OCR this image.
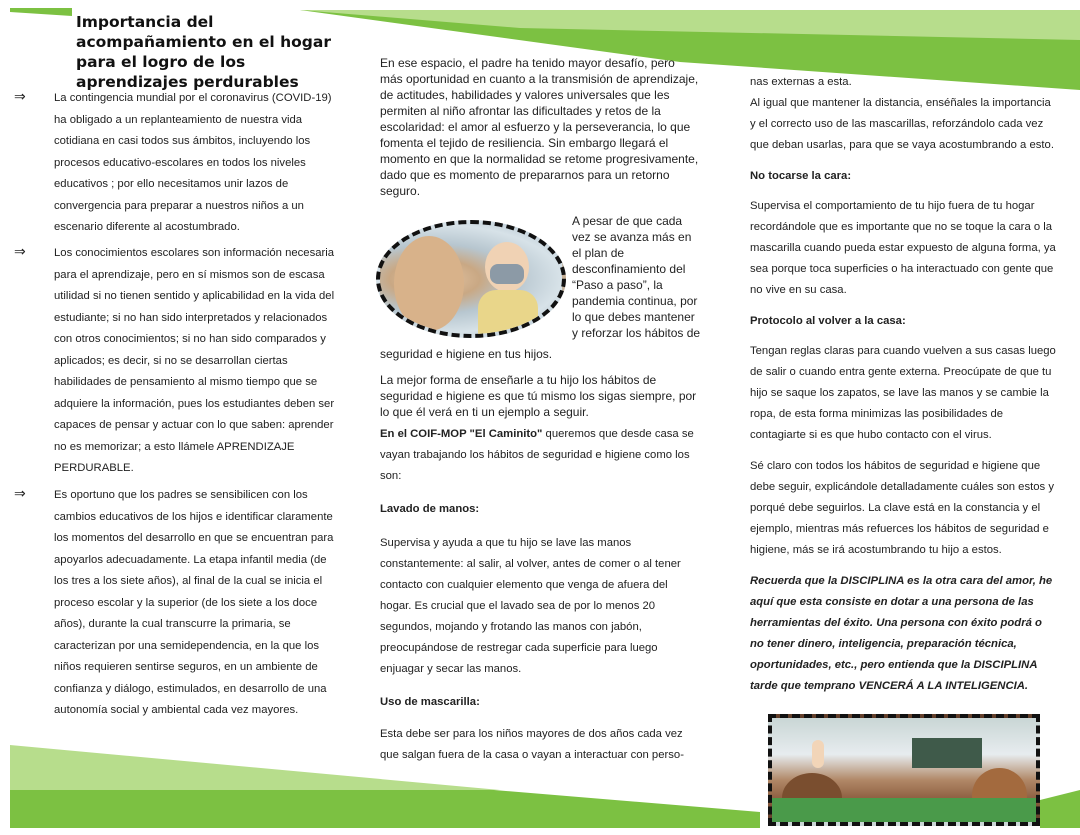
Importancia del acompañamiento en el hogar para el logro de los aprendizajes perdurables
⇒	La contingencia mundial por el coronavirus (COVID-19) ha obligado a un replanteamiento de nuestra vida cotidiana en casi todos sus ámbitos, incluyendo los procesos educativo-escolares en todos los niveles educativos ; por ello necesitamos unir lazos de convergencia para preparar a nuestros niños a un escenario diferente al acostumbrado.

⇒	Los conocimientos escolares son información necesaria para el aprendizaje, pero en sí mismos son de escasa utilidad si no tienen sentido y aplicabilidad en la vida del estudiante; si no han sido interpretados y relacionados con otros conocimientos; si no han sido comparados y aplicados; es decir, si no se desarrollan ciertas habilidades de pensamiento al mismo tiempo que se adquiere la información, pues los estudiantes deben ser capaces de pensar y actuar con lo que saben: aprender no es memorizar; a esto llámele APRENDIZAJE PERDURABLE.

⇒	Es oportuno que los padres se sensibilicen con los cambios educativos de los hijos e identificar claramente los momentos del desarrollo en que se encuentran para apoyarlos adecuadamente. La etapa infantil media (de los tres a los siete años), al final de la cual se inicia el proceso escolar y la superior (de los siete a los doce años), durante la cual transcurre la primaria, se caracterizan por una semidependencia, en la que los niños requieren sentirse seguros, en un ambiente de confianza y diálogo, estimulados, en desarrollo de una autonomía social y ambiental cada vez mayores.

En ese espacio, el padre ha tenido mayor desafío, pero más oportunidad en cuanto a la transmisión de aprendizaje, de actitudes, habilidades y valores universales que les permiten al niño afrontar las dificultades y retos de la escolaridad: el amor al esfuerzo y la perseverancia, lo que fomenta el tejido de resiliencia. Sin embargo llegará el momento en que la normalidad se retome progresivamente, dado que es momento de prepararnos para un retorno seguro.

A pesar de que cada vez se avanza más en el plan de desconfinamiento del “Paso a paso”, la pandemia continua, por lo que debes mantener y reforzar los hábitos de

seguridad e higiene en tus hijos.

La mejor forma de enseñarle a tu hijo los hábitos de seguridad e higiene es que tú mismo los sigas siempre, por lo que él verá en ti un ejemplo a seguir.

En el COIF-MOP "El Caminito" queremos que desde casa se vayan trabajando los hábitos de seguridad e higiene como los son:

Lavado de manos:

Supervisa y ayuda a que tu hijo se lave las manos constantemente: al salir, al volver, antes de comer o al tener contacto con cualquier elemento que venga de afuera del hogar. Es crucial que el lavado sea de por lo menos 20 segundos, mojando y frotando las manos con jabón, preocupándose de restregar cada superficie para luego enjuagar y secar las manos.

Uso de mascarilla:

Esta debe ser para los niños mayores de dos años cada vez que salgan fuera de la casa o vayan a interactuar con perso-

nas externas a esta.

Al igual que mantener la distancia, enséñales la importancia y el correcto uso de las mascarillas, reforzándolo cada vez que deban usarlas, para que se vaya acostumbrando a esto.

No tocarse la cara:

Supervisa el comportamiento de tu hijo fuera de tu hogar recordándole que es importante que no se toque la cara o la mascarilla cuando pueda estar expuesto de alguna forma, ya sea porque toca superficies o ha interactuado con gente que no vive en su casa.

Protocolo al volver a la casa:

Tengan reglas claras para cuando vuelven a sus casas luego de salir o cuando entra gente externa. Preocúpate de que tu hijo se saque los zapatos, se lave las manos y se cambie la ropa, de esta forma minimizas las posibilidades de contagiarte si es que hubo contacto con el virus.

Sé claro con todos los hábitos de seguridad e higiene que debe seguir, explicándole detalladamente cuáles son estos y porqué debe seguirlos. La clave está en la constancia y el ejemplo, mientras más refuerces los hábitos de seguridad e higiene, más se irá acostumbrando tu hijo a estos.

Recuerda que la DISCIPLINA es la otra cara del amor, he aquí que esta consiste en dotar a una persona de las herramientas del éxito. Una persona con éxito podrá o no tener dinero, inteligencia, preparación técnica, oportunidades, etc., pero entienda que la DISCIPLINA tarde que temprano VENCERÁ A LA INTELIGENCIA.
